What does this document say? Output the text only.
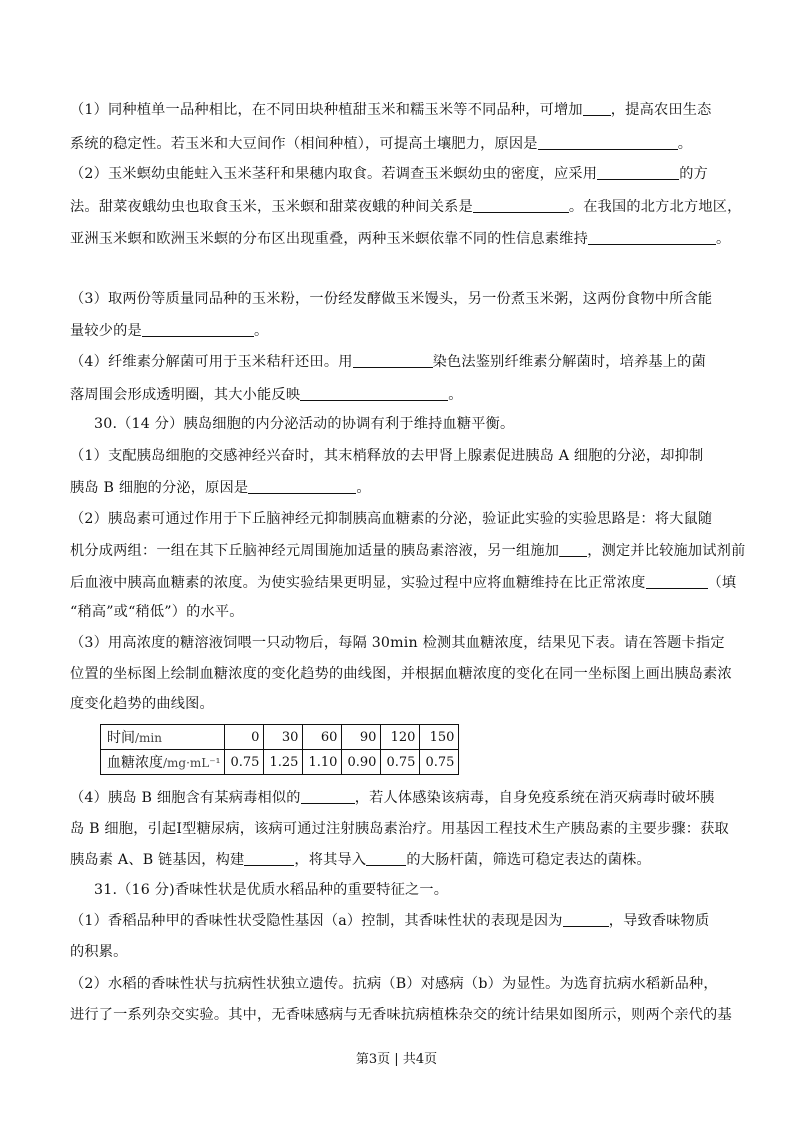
（1）同种植单一品种相比，在不同田块种植甜玉米和糯玉米等不同品种，可增加 ，提高农田生态
系统的稳定性。若玉米和大豆间作（相间种植），可提高土壤肥力，原因是	。
（2）玉米螟幼虫能蛀入玉米茎秆和果穗内取食。若调查玉米螟幼虫的密度，应采用	的方
法。甜菜夜蛾幼虫也取食玉米，玉米螟和甜菜夜蛾的种间关系是	。在我国的北方北方地区，
亚洲玉米螟和欧洲玉米螟的分布区出现重叠，两种玉米螟依靠不同的性信息素维持	。
（3）取两份等质量同品种的玉米粉，一份经发酵做玉米馒头，另一份煮玉米粥，这两份食物中所含能
量较少的是	。
（4）纤维素分解菌可用于玉米秸秆还田。用	染色法鉴别纤维素分解菌时，培养基上的菌
落周围会形成透明圈，其大小能反映	。
30.（14 分）胰岛细胞的内分泌活动的协调有利于维持血糖平衡。
（1）支配胰岛细胞的交感神经兴奋时，其末梢释放的去甲肾上腺素促进胰岛 A 细胞的分泌，却抑制
胰岛 B 细胞的分泌，原因是	。
（2）胰岛素可通过作用于下丘脑神经元抑制胰高血糖素的分泌，验证此实验的实验思路是：将大鼠随
机分成两组：一组在其下丘脑神经元周围施加适量的胰岛素溶液，另一组施加 ，测定并比较施加试剂前
后血液中胰高血糖素的浓度。为使实验结果更明显，实验过程中应将血糖维持在比正常浓度	（填
“稍高”或“稍低”）的水平。
（3）用高浓度的糖溶液饲喂一只动物后，每隔 30min 检测其血糖浓度，结果见下表。请在答题卡指定
位置的坐标图上绘制血糖浓度的变化趋势的曲线图，并根据血糖浓度的变化在同一坐标图上画出胰岛素浓
度变化趋势的曲线图。
时间/min	0	30	60	90	120	150
血糖浓度/mg·mL⁻¹	0.75	1.25	1.10	0.90	0.75	0.75
（4）胰岛 B 细胞含有某病毒相似的	，若人体感染该病毒，自身免疫系统在消灭病毒时破坏胰
岛 B 细胞，引起Ⅰ型糖尿病，该病可通过注射胰岛素治疗。用基因工程技术生产胰岛素的主要步骤：获取
胰岛素 A、B 链基因，构建	，将其导入	的大肠杆菌，筛选可稳定表达的菌株。
31.（16 分)香味性状是优质水稻品种的重要特征之一。
（1）香稻品种甲的香味性状受隐性基因（a）控制，其香味性状的表现是因为	，导致香味物质
的积累。
（2）水稻的香味性状与抗病性状独立遗传。抗病（B）对感病（b）为显性。为选育抗病水稻新品种，
进行了一系列杂交实验。其中，无香味感病与无香味抗病植株杂交的统计结果如图所示，则两个亲代的基
第3页 | 共4页
